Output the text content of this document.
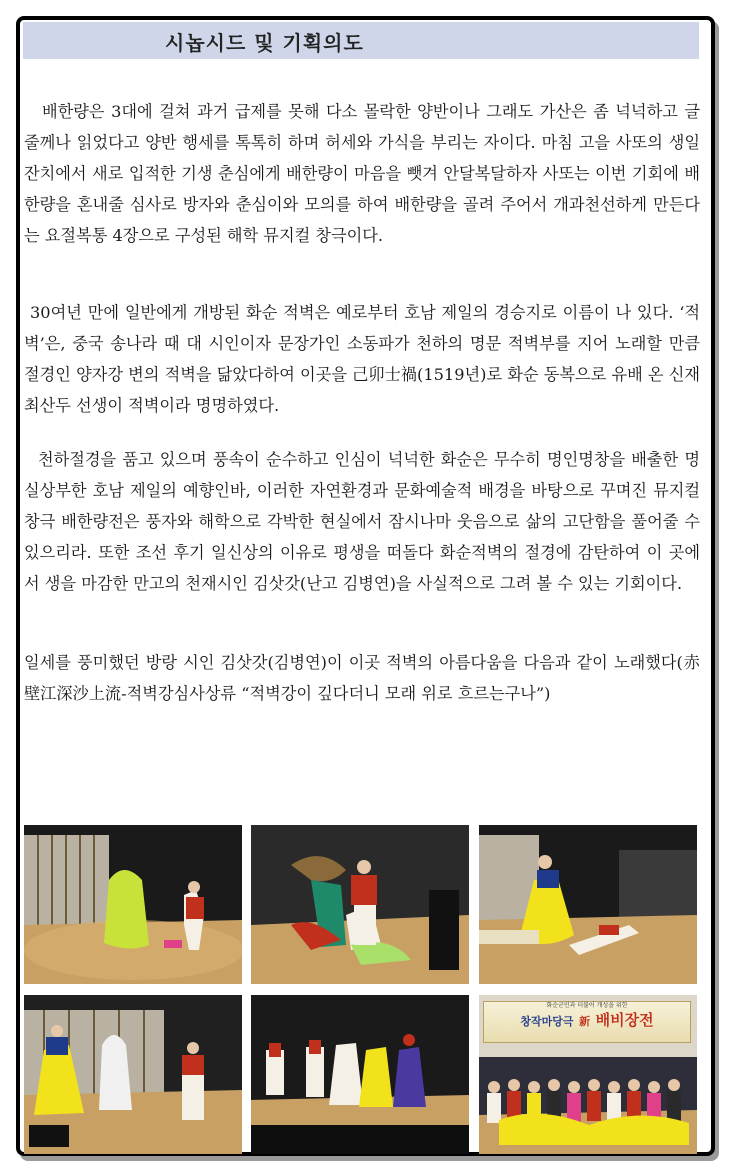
시놉시드 및 기획의도

배한량은 3대에 걸쳐 과거 급제를 못해 다소 몰락한 양반이나 그래도 가산은 좀 넉넉하고 글 줄께나 읽었다고 양반 행세를 톡톡히 하며 허세와 가식을 부리는 자이다. 마침 고을 사또의 생일 잔치에서 새로 입적한 기생 춘심에게 배한량이 마음을 뺏겨 안달복달하자 사또는 이번 기회에 배한량을 혼내줄 심사로 방자와 춘심이와 모의를 하여 배한량을 골려 주어서 개과천선하게 만든다는 요절복통 4장으로 구성된 해학 뮤지컬 창극이다.

30여년 만에 일반에게 개방된 화순 적벽은 예로부터 호남 제일의 경승지로 이름이 나 있다. ‘적벽’은, 중국 송나라 때 대 시인이자 문장가인 소동파가 천하의 명문 적벽부를 지어 노래할 만큼 절경인 양자강 변의 적벽을 닮았다하여 이곳을 己卯士禍(1519년)로 화순 동복으로 유배 온 신재 최산두 선생이 적벽이라 명명하였다.

천하절경을 품고 있으며 풍속이 순수하고 인심이 넉넉한 화순은 무수히 명인명창을 배출한 명실상부한 호남 제일의 예향인바, 이러한 자연환경과 문화예술적 배경을 바탕으로 꾸며진 뮤지컬 창극 배한량전은 풍자와 해학으로 각박한 현실에서 잠시나마 웃음으로 삶의 고단함을 풀어줄 수 있으리라. 또한 조선 후기 일신상의 이유로 평생을 떠돌다 화순적벽의 절경에 감탄하여 이 곳에서 생을 마감한 만고의 천재시인 김삿갓(난고 김병연)을 사실적으로 그려 볼 수 있는 기회이다.

일세를 풍미했던 방랑 시인 김삿갓(김병연)이 이곳 적벽의 아름다움을 다음과 같이 노래했다(赤壁江深沙上流-적벽강심사상류 “적벽강이 깊다더니 모래 위로 흐르는구나”)

화순군민과 더불어 개성을 위한
창작마당극 新 배비장전
